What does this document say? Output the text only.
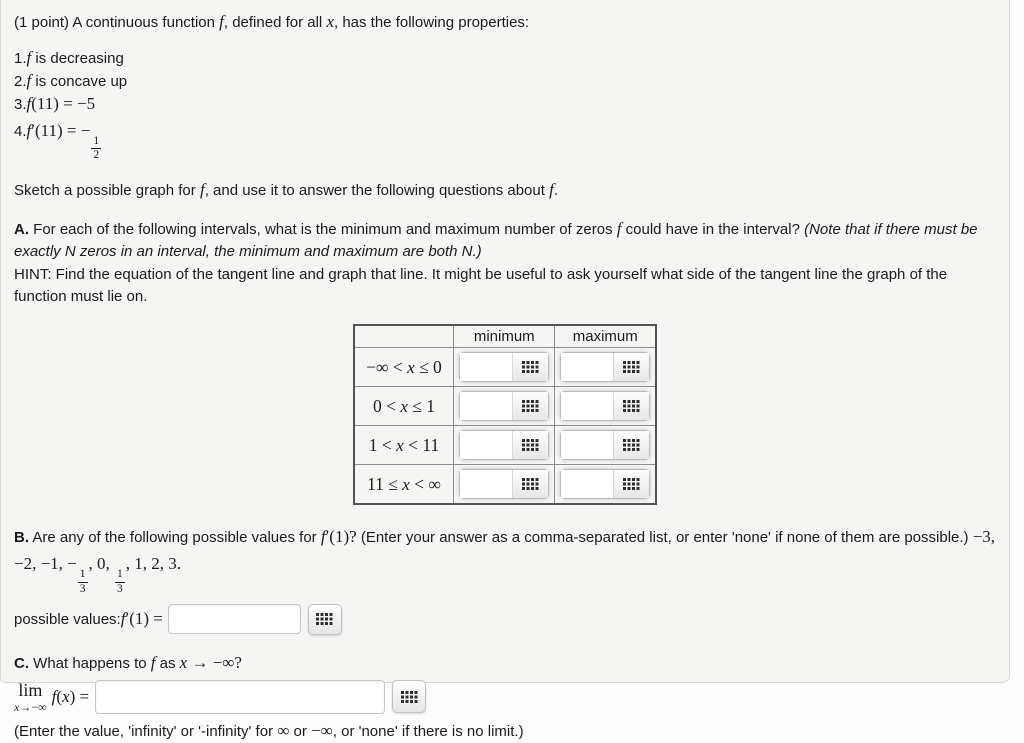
(1 point) A continuous function f, defined for all x, has the following properties:
1.f is decreasing
2.f is concave up
3.f(11) = −5
4.f′(11) = −
$\frac{1}{2}$
Sketch a possible graph for f, and use it to answer the following questions about f.
A. For each of the following intervals, what is the minimum and maximum number of zeros f could have in the interval? (Note that if there must be exactly N zeros in an interval, the minimum and maximum are both N.)
HINT: Find the equation of the tangent line and graph that line. It might be useful to ask yourself what side of the tangent line the graph of the function must lie on.
	minimum	maximum
−∞ < x ≤ 0	

0 < x ≤ 1	

1 < x < 11	

11 ≤ x < ∞	

B. Are any of the following possible values for f′(1)? (Enter your answer as a comma-separated list, or enter 'none' if none of them are possible.) −3, −2, −1, −
$\frac{1}{3}$
, 0,
$\frac{1}{3}$
, 1, 2, 3.
possible values: f ′(1) =
C. What happens to f as x → −∞?
lim
x→−∞
f(x) =
(Enter the value, 'infinity' or '-infinity' for ∞ or −∞, or 'none' if there is no limit.)
